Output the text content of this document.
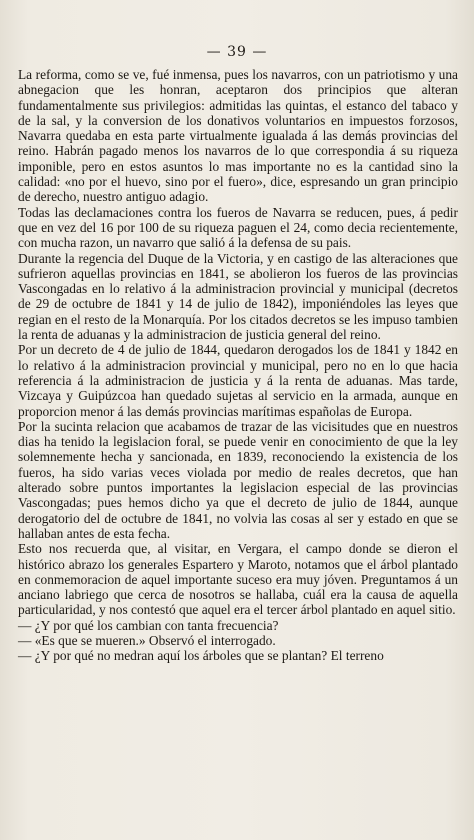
— 39 —

La reforma, como se ve, fué inmensa, pues los navarros, con un patriotismo y una abnegacion que les honran, aceptaron dos principios que alteran fundamentalmente sus privilegios: admitidas las quintas, el estanco del tabaco y de la sal, y la conversion de los donativos voluntarios en impuestos forzosos, Navarra quedaba en esta parte virtualmente igualada á las demás provincias del reino. Habrán pagado menos los navarros de lo que correspondia á su riqueza imponible, pero en estos asuntos lo mas importante no es la cantidad sino la calidad: «no por el huevo, sino por el fuero», dice, espresando un gran principio de derecho, nuestro antiguo adagio.

Todas las declamaciones contra los fueros de Navarra se reducen, pues, á pedir que en vez del 16 por 100 de su riqueza paguen el 24, como decia recientemente, con mucha razon, un navarro que salió á la defensa de su pais.

Durante la regencia del Duque de la Victoria, y en castigo de las alteraciones que sufrieron aquellas provincias en 1841, se abolieron los fueros de las provincias Vascongadas en lo relativo á la administracion provincial y municipal (decretos de 29 de octubre de 1841 y 14 de julio de 1842), imponiéndoles las leyes que regian en el resto de la Monarquía. Por los citados decretos se les impuso tambien la renta de aduanas y la administracion de justicia general del reino.

Por un decreto de 4 de julio de 1844, quedaron derogados los de 1841 y 1842 en lo relativo á la administracion provincial y municipal, pero no en lo que hacia referencia á la administracion de justicia y á la renta de aduanas. Mas tarde, Vizcaya y Guipúzcoa han quedado sujetas al servicio en la armada, aunque en proporcion menor á las demás provincias marítimas españolas de Europa.

Por la sucinta relacion que acabamos de trazar de las vicisitudes que en nuestros dias ha tenido la legislacion foral, se puede venir en conocimiento de que la ley solemnemente hecha y sancionada, en 1839, reconociendo la existencia de los fueros, ha sido varias veces violada por medio de reales decretos, que han alterado sobre puntos importantes la legislacion especial de las provincias Vascongadas; pues hemos dicho ya que el decreto de julio de 1844, aunque derogatorio del de octubre de 1841, no volvia las cosas al ser y estado en que se hallaban antes de esta fecha.

Esto nos recuerda que, al visitar, en Vergara, el campo donde se dieron el histórico abrazo los generales Espartero y Maroto, notamos que el árbol plantado en conmemoracion de aquel importante suceso era muy jóven. Preguntamos á un anciano labriego que cerca de nosotros se hallaba, cuál era la causa de aquella particularidad, y nos contestó que aquel era el tercer árbol plantado en aquel sitio.

— ¿Y por qué los cambian con tanta frecuencia?

— «Es que se mueren.» Observó el interrogado.

— ¿Y por qué no medran aquí los árboles que se plantan? El terreno
